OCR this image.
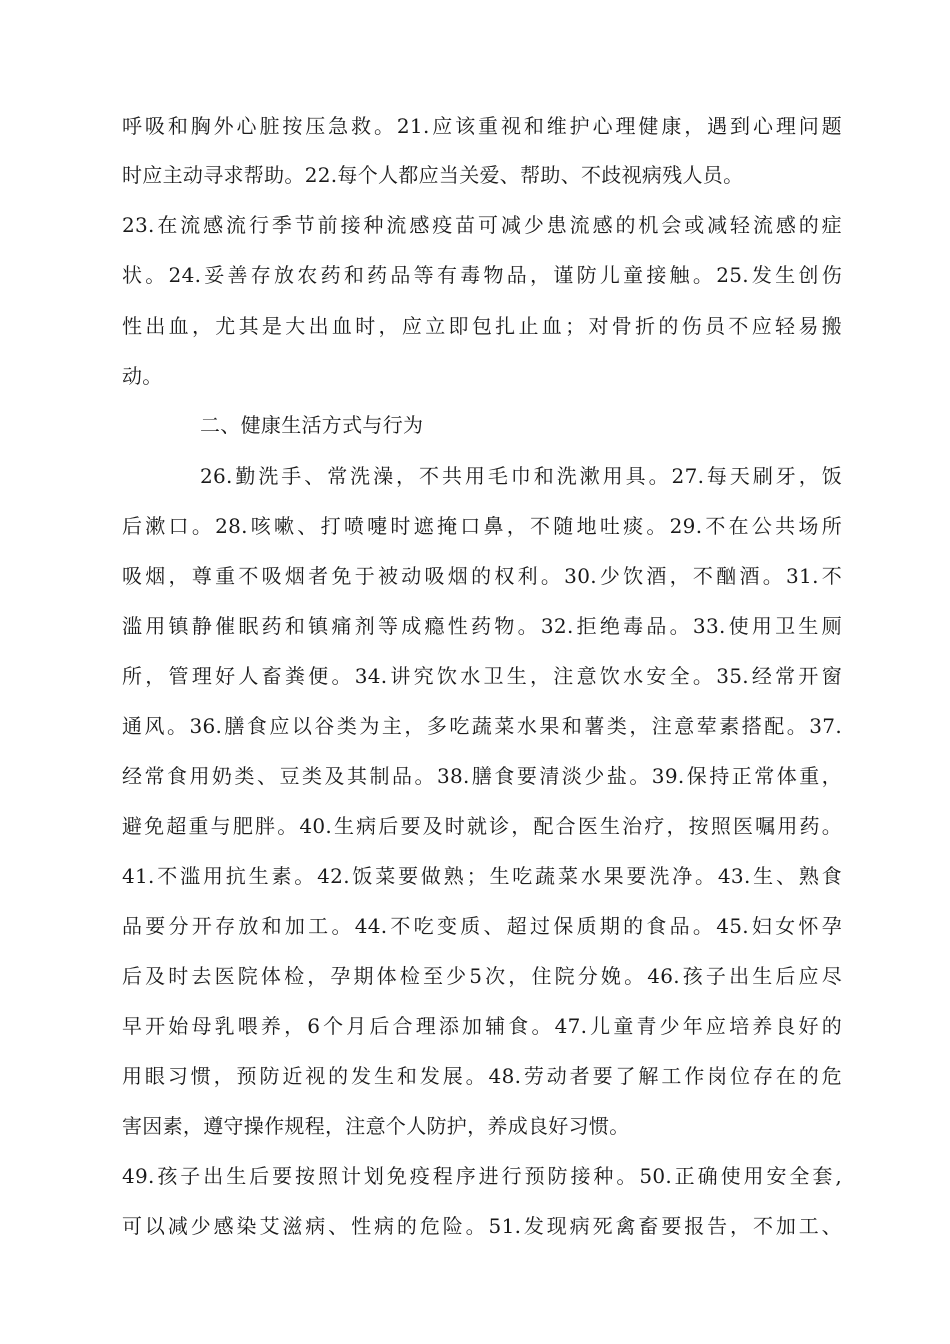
呼吸和胸外心脏按压急救。21.应该重视和维护心理健康，遇到心理问题
时应主动寻求帮助。22.每个人都应当关爱、帮助、不歧视病残人员。
23.在流感流行季节前接种流感疫苗可减少患流感的机会或减轻流感的症
状。24.妥善存放农药和药品等有毒物品，谨防儿童接触。25.发生创伤
性出血，尤其是大出血时，应立即包扎止血；对骨折的伤员不应轻易搬
动。
二、健康生活方式与行为
26.勤洗手、常洗澡，不共用毛巾和洗漱用具。27.每天刷牙，饭
后漱口。28.咳嗽、打喷嚏时遮掩口鼻，不随地吐痰。29.不在公共场所
吸烟，尊重不吸烟者免于被动吸烟的权利。30.少饮酒，不酗酒。31.不
滥用镇静催眠药和镇痛剂等成瘾性药物。32.拒绝毒品。33.使用卫生厕
所，管理好人畜粪便。34.讲究饮水卫生，注意饮水安全。35.经常开窗
通风。36.膳食应以谷类为主，多吃蔬菜水果和薯类，注意荤素搭配。37.
经常食用奶类、豆类及其制品。38.膳食要清淡少盐。39.保持正常体重，
避免超重与肥胖。40.生病后要及时就诊，配合医生治疗，按照医嘱用药。
41.不滥用抗生素。42.饭菜要做熟；生吃蔬菜水果要洗净。43.生、熟食
品要分开存放和加工。44.不吃变质、超过保质期的食品。45.妇女怀孕
后及时去医院体检，孕期体检至少5次，住院分娩。46.孩子出生后应尽
早开始母乳喂养，6个月后合理添加辅食。47.儿童青少年应培养良好的
用眼习惯，预防近视的发生和发展。48.劳动者要了解工作岗位存在的危
害因素，遵守操作规程，注意个人防护，养成良好习惯。
49.孩子出生后要按照计划免疫程序进行预防接种。50.正确使用安全套,
可以减少感染艾滋病、性病的危险。51.发现病死禽畜要报告，不加工、
